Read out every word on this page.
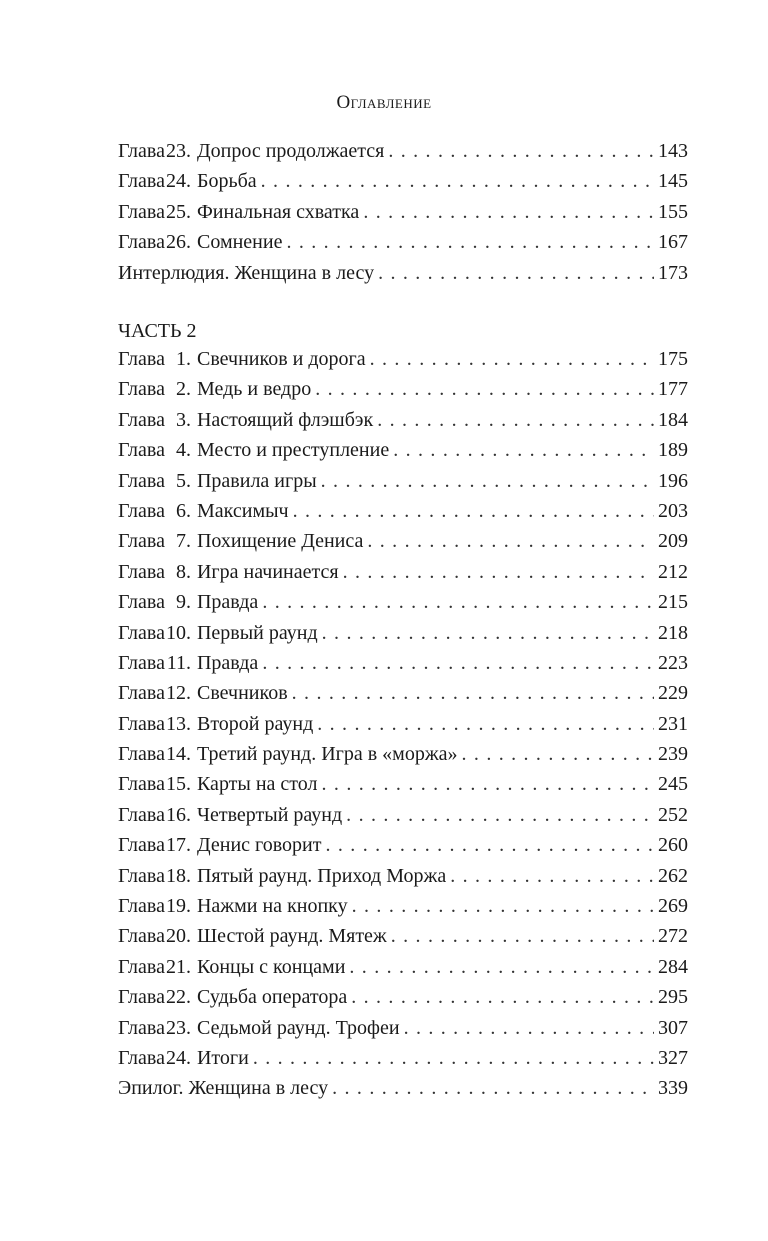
Оглавление
Глава 23. Допрос продолжается . . .	143
Глава 24. Борьба . . .	145
Глава 25. Финальная схватка . . .	155
Глава 26. Сомнение . . .	167
Интерлюдия. Женщина в лесу . . .	173
ЧАСТЬ 2
Глава 1. Свечников и дорога . . .	175
Глава 2. Медь и ведро . . .	177
Глава 3. Настоящий флэшбэк . . .	184
Глава 4. Место и преступление . . .	189
Глава 5. Правила игры . . .	196
Глава 6. Максимыч . . .	203
Глава 7. Похищение Дениса . . .	209
Глава 8. Игра начинается . . .	212
Глава 9. Правда . . .	215
Глава 10. Первый раунд . . .	218
Глава 11. Правда . . .	223
Глава 12. Свечников . . .	229
Глава 13. Второй раунд . . .	231
Глава 14. Третий раунд. Игра в «моржа» . . .	239
Глава 15. Карты на стол . . .	245
Глава 16. Четвертый раунд . . .	252
Глава 17. Денис говорит . . .	260
Глава 18. Пятый раунд. Приход Моржа . . .	262
Глава 19. Нажми на кнопку . . .	269
Глава 20. Шестой раунд. Мятеж . . .	272
Глава 21. Концы с концами . . .	284
Глава 22. Судьба оператора . . .	295
Глава 23. Седьмой раунд. Трофеи . . .	307
Глава 24. Итоги . . .	327
Эпилог. Женщина в лесу . . .	339
